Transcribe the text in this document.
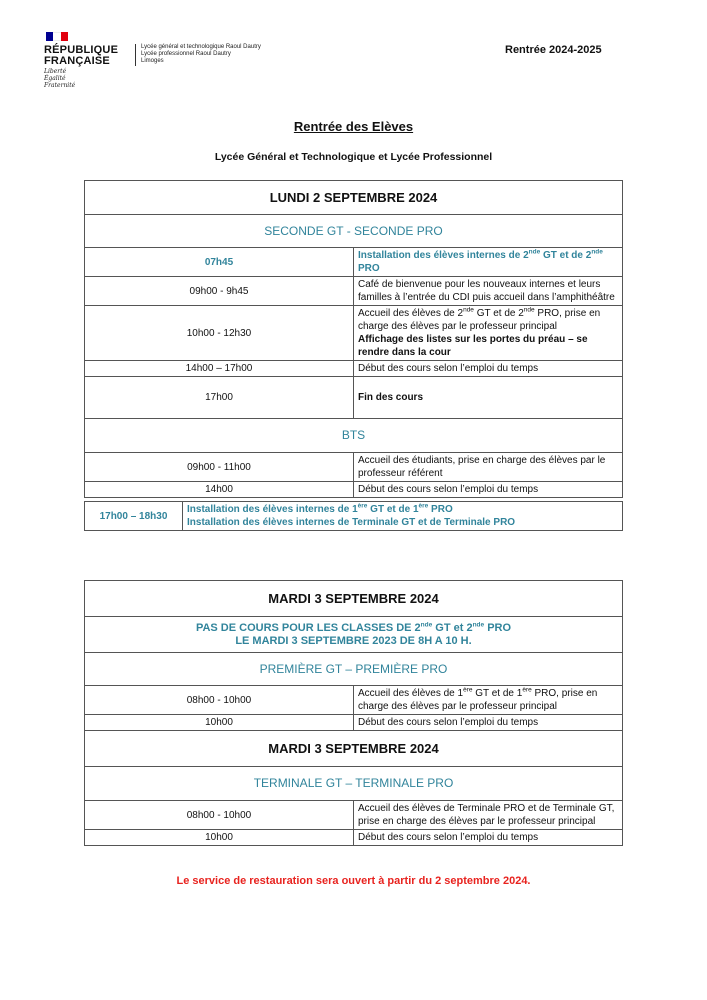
RÉPUBLIQUE
FRANÇAISE
Liberté
Égalité
Fraternité
Lycée général et technologique Raoul Dautry
Lycée professionnel Raoul Dautry
Limoges
Rentrée 2024-2025
Rentrée des Elèves
Lycée Général et Technologique et Lycée Professionnel
LUNDI 2 SEPTEMBRE 2024	
SECONDE GT - SECONDE PRO	
07h45	Installation des élèves internes de 2nde GT et de 2nde PRO
09h00 - 9h45	Café de bienvenue pour les nouveaux internes et leurs familles à l’entrée du CDI puis accueil dans l’amphithéâtre
10h00 - 12h30	Accueil des élèves de 2nde GT et de 2nde PRO, prise en charge des élèves par le professeur principal
Affichage des listes sur les portes du préau – se rendre dans la cour
14h00 – 17h00	Début des cours selon l’emploi du temps
17h00	Fin des cours
BTS	
09h00 - 11h00	Accueil des étudiants, prise en charge des élèves par le professeur référent
14h00	Début des cours selon l’emploi du temps
17h00 – 18h30	Installation des élèves internes de 1ère GT et de 1ère PRO
Installation des élèves internes de Terminale GT et de Terminale PRO
MARDI 3 SEPTEMBRE 2024	
PAS DE COURS POUR LES CLASSES DE 2nde GT et 2nde PRO
LE MARDI 3 SEPTEMBRE 2023 DE 8H A 10 H.	
PREMIÈRE GT – PREMIÈRE PRO	
08h00 - 10h00	Accueil des élèves de 1ère GT et de 1ère PRO, prise en charge des élèves par le professeur principal
10h00	Début des cours selon l’emploi du temps
MARDI 3 SEPTEMBRE 2024	
TERMINALE GT – TERMINALE PRO	
08h00 - 10h00	Accueil des élèves de Terminale PRO et de Terminale GT, prise en charge des élèves par le professeur principal
10h00	Début des cours selon l’emploi du temps
Le service de restauration sera ouvert à partir du 2 septembre 2024.
